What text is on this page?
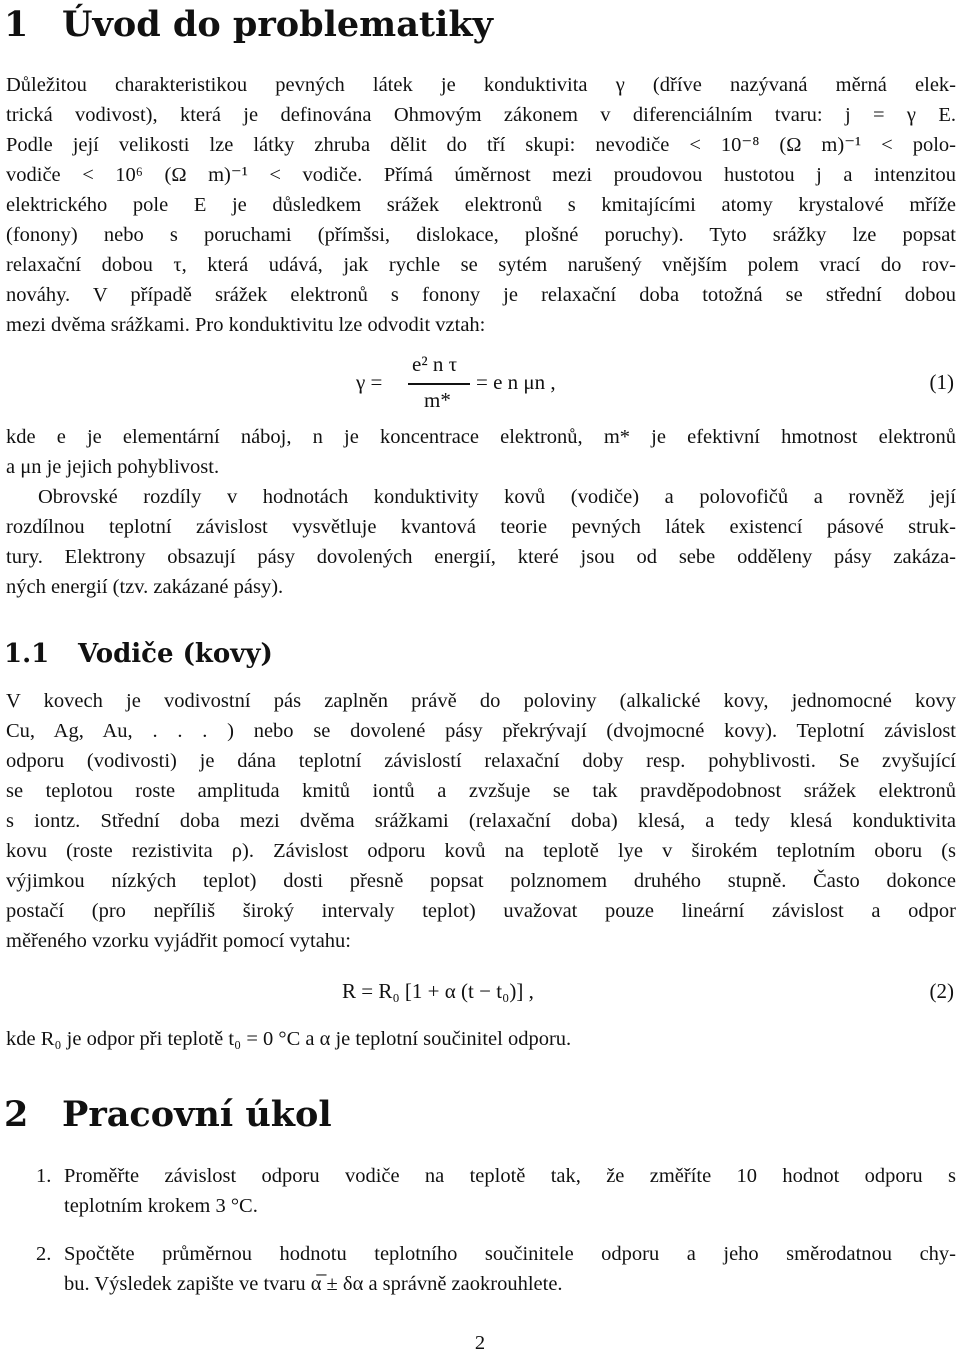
1 Úvod do problematiky
Důležitou charakteristikou pevných látek je konduktivita γ (dříve nazývaná měrná elek-
trická vodivost), která je definována Ohmovým zákonem v diferenciálním tvaru: j = γ E.
Podle její velikosti lze látky zhruba dělit do tří skupi: nevodiče < 10⁻⁸ (Ω m)⁻¹ < polo-
vodiče < 10⁶ (Ω m)⁻¹ < vodiče. Přímá úměrnost mezi proudovou hustotou j a intenzitou
elektrického pole E je důsledkem srážek elektronů s kmitajícími atomy krystalové mříže
(fonony) nebo s poruchami (přímšsi, dislokace, plošné poruchy). Tyto srážky lze popsat
relaxační dobou τ, která udává, jak rychle se sytém narušený vnějším polem vrací do rov-
nováhy. V případě srážek elektronů s fonony je relaxační doba totožná se střední dobou
mezi dvěma srážkami. Pro konduktivitu lze odvodit vztah:
γ =
e² n τ
m*
= e n μn ,	(1)
kde e je elementární náboj, n je koncentrace elektronů, m* je efektivní hmotnost elektronů
a μn je jejich pohyblivost.
Obrovské rozdíly v hodnotách konduktivity kovů (vodiče) a polovofičů a rovněž její
rozdílnou teplotní závislost vysvětluje kvantová teorie pevných látek existencí pásové struk-
tury. Elektrony obsazují pásy dovolených energií, které jsou od sebe odděleny pásy zakáza-
ných energií (tzv. zakázané pásy).
1.1 Vodiče (kovy)
V kovech je vodivostní pás zaplněn právě do poloviny (alkalické kovy, jednomocné kovy
Cu, Ag, Au, . . . ) nebo se dovolené pásy překrývají (dvojmocné kovy). Teplotní závislost
odporu (vodivosti) je dána teplotní závislostí relaxační doby resp. pohyblivosti. Se zvyšující
se teplotou roste amplituda kmitů iontů a zvzšuje se tak pravděpodobnost srážek elektronů
s iontz. Střední doba mezi dvěma srážkami (relaxační doba) klesá, a tedy klesá konduktivita
kovu (roste rezistivita ρ). Závislost odporu kovů na teplotě lye v širokém teplotním oboru (s
výjimkou nízkých teplot) dosti přesně popsat polznomem druhého stupně. Často dokonce
postačí (pro nepříliš široký intervaly teplot) uvažovat pouze lineární závislost a odpor
měřeného vzorku vyjádřit pomocí vytahu:
R = R₀ [1 + α (t − t₀)] ,	(2)
kde R₀ je odpor při teplotě t₀ = 0 °C a α je teplotní součinitel odporu.
2 Pracovní úkol
1. Proměřte závislost odporu vodiče na teplotě tak, že změříte 10 hodnot odporu s
teplotním krokem 3 °C.
2. Spočtěte průměrnou hodnotu teplotního součinitele odporu a jeho směrodatnou chy-
bu. Výsledek zapište ve tvaru α̅ ± δα a správně zaokrouhlete.
2
